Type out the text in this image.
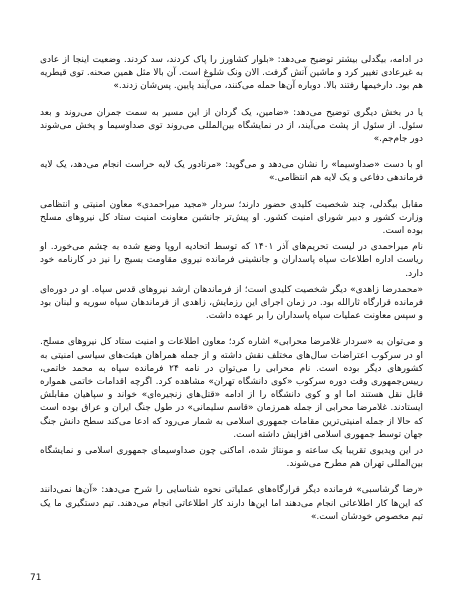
در ادامه، بیگدلی بیشتر توضیح می‌دهد: «بلوار کشاورز را پاک کردند، سد کردند. وضعیت اینجا از عادی به غیرعادی تغییر کرد و ماشین آتش گرفت. الان ونک شلوغ است. آن بالا مثل همین صحنه. توی قیطریه هم بود. دارخیمها رفتند بالا. دوباره آن‌ها حمله می‌کنند، می‌آیند پایین. پس‌شان زدند.»

یا در بخش دیگری توضیح می‌دهد: «ضامین، یک گردان از این مسیر به سمت جمران می‌روند و بعد سئول. از سئول از پشت می‌آیند، از در نمایشگاه بین‌المللی می‌روند توی صداوسیما و پخش می‌شوند دور جام‌جم.»

او با دست «صداوسیما» را نشان می‌دهد و می‌گوید: «مرتادور یک لایه حراست انجام می‌دهد، یک لایه فرماندهی دفاعی و یک لایه هم انتظامی.»

مقابل بیگدلی، چند شخصیت کلیدی حضور دارند؛ سردار «مجید میراحمدی» معاون امنیتی و انتظامی وزارت کشور و دبیر شورای امنیت کشور. او پیش‌تر جانشین معاونت امنیت ستاد کل نیروهای مسلح بوده است.

نام میراحمدی در لیست تحریم‌های آذر ۱۴۰۱ که توسط اتحادیه اروپا وضع شده به چشم می‌خورد. او ریاست اداره اطلاعات سپاه پاسداران و جانشینی فرمانده نیروی مقاومت بسیج را نیز در کارنامه خود دارد.

«محمدرضا زاهدی» دیگر شخصیت کلیدی است؛ از فرماندهان ارشد نیروهای قدس سپاه. او در دوره‌ای فرمانده قرارگاه ثارالله بود. در زمان اجرای این رزمایش، زاهدی از فرماندهان سپاه سوریه و لبنان بود و سپس معاونت عملیات سپاه پاسداران را بر عهده داشت.

و می‌توان به «سردار غلامرضا محرابی» اشاره کرد؛ معاون اطلاعات و امنیت ستاد کل نیروهای مسلح. او در سرکوب اعتراضات سال‌های مختلف نقش داشته و از جمله همراهان هیئت‌های سیاسی امنیتی به کشورهای دیگر بوده است. نام محرابی را می‌توان در نامه ۲۴ فرمانده سپاه به محمد خاتمی، رییس‌جمهوری وقت دوره سرکوب «کوی دانشگاه تهران» مشاهده کرد. اگرچه اقدامات خاتمی همواره قابل نقل هستند اما او و کوی دانشگاه را از ادامه «قتل‌های زنجیره‌ای» خواند و سپاهیان مقابلش ایستادند. غلامرضا محرابی از جمله همرزمان «قاسم سلیمانی» در طول جنگ ایران و عراق بوده است که حالا از جمله امنیتی‌ترین مقامات جمهوری اسلامی به شمار می‌رود که ادعا می‌کند سطح دانش جنگ جهان توسط جمهوری اسلامی افزایش داشته است.

در این ویدیوی تقریبا یک ساعته و مونتاژ شده، اماکنی چون صداوسیمای جمهوری اسلامی و نمایشگاه بین‌المللی تهران هم مطرح می‌شوند.

«رضا گرشاسبی» فرمانده دیگر قرارگاه‌های عملیاتی نحوه شناسایی را شرح می‌دهد: «آن‌ها نمی‌دانند که این‌ها کار اطلاعاتی انجام می‌دهند اما این‌ها دارند کار اطلاعاتی انجام می‌دهند. تیم دستگیری ما یک تیم مخصوص خودشان است.»

71
